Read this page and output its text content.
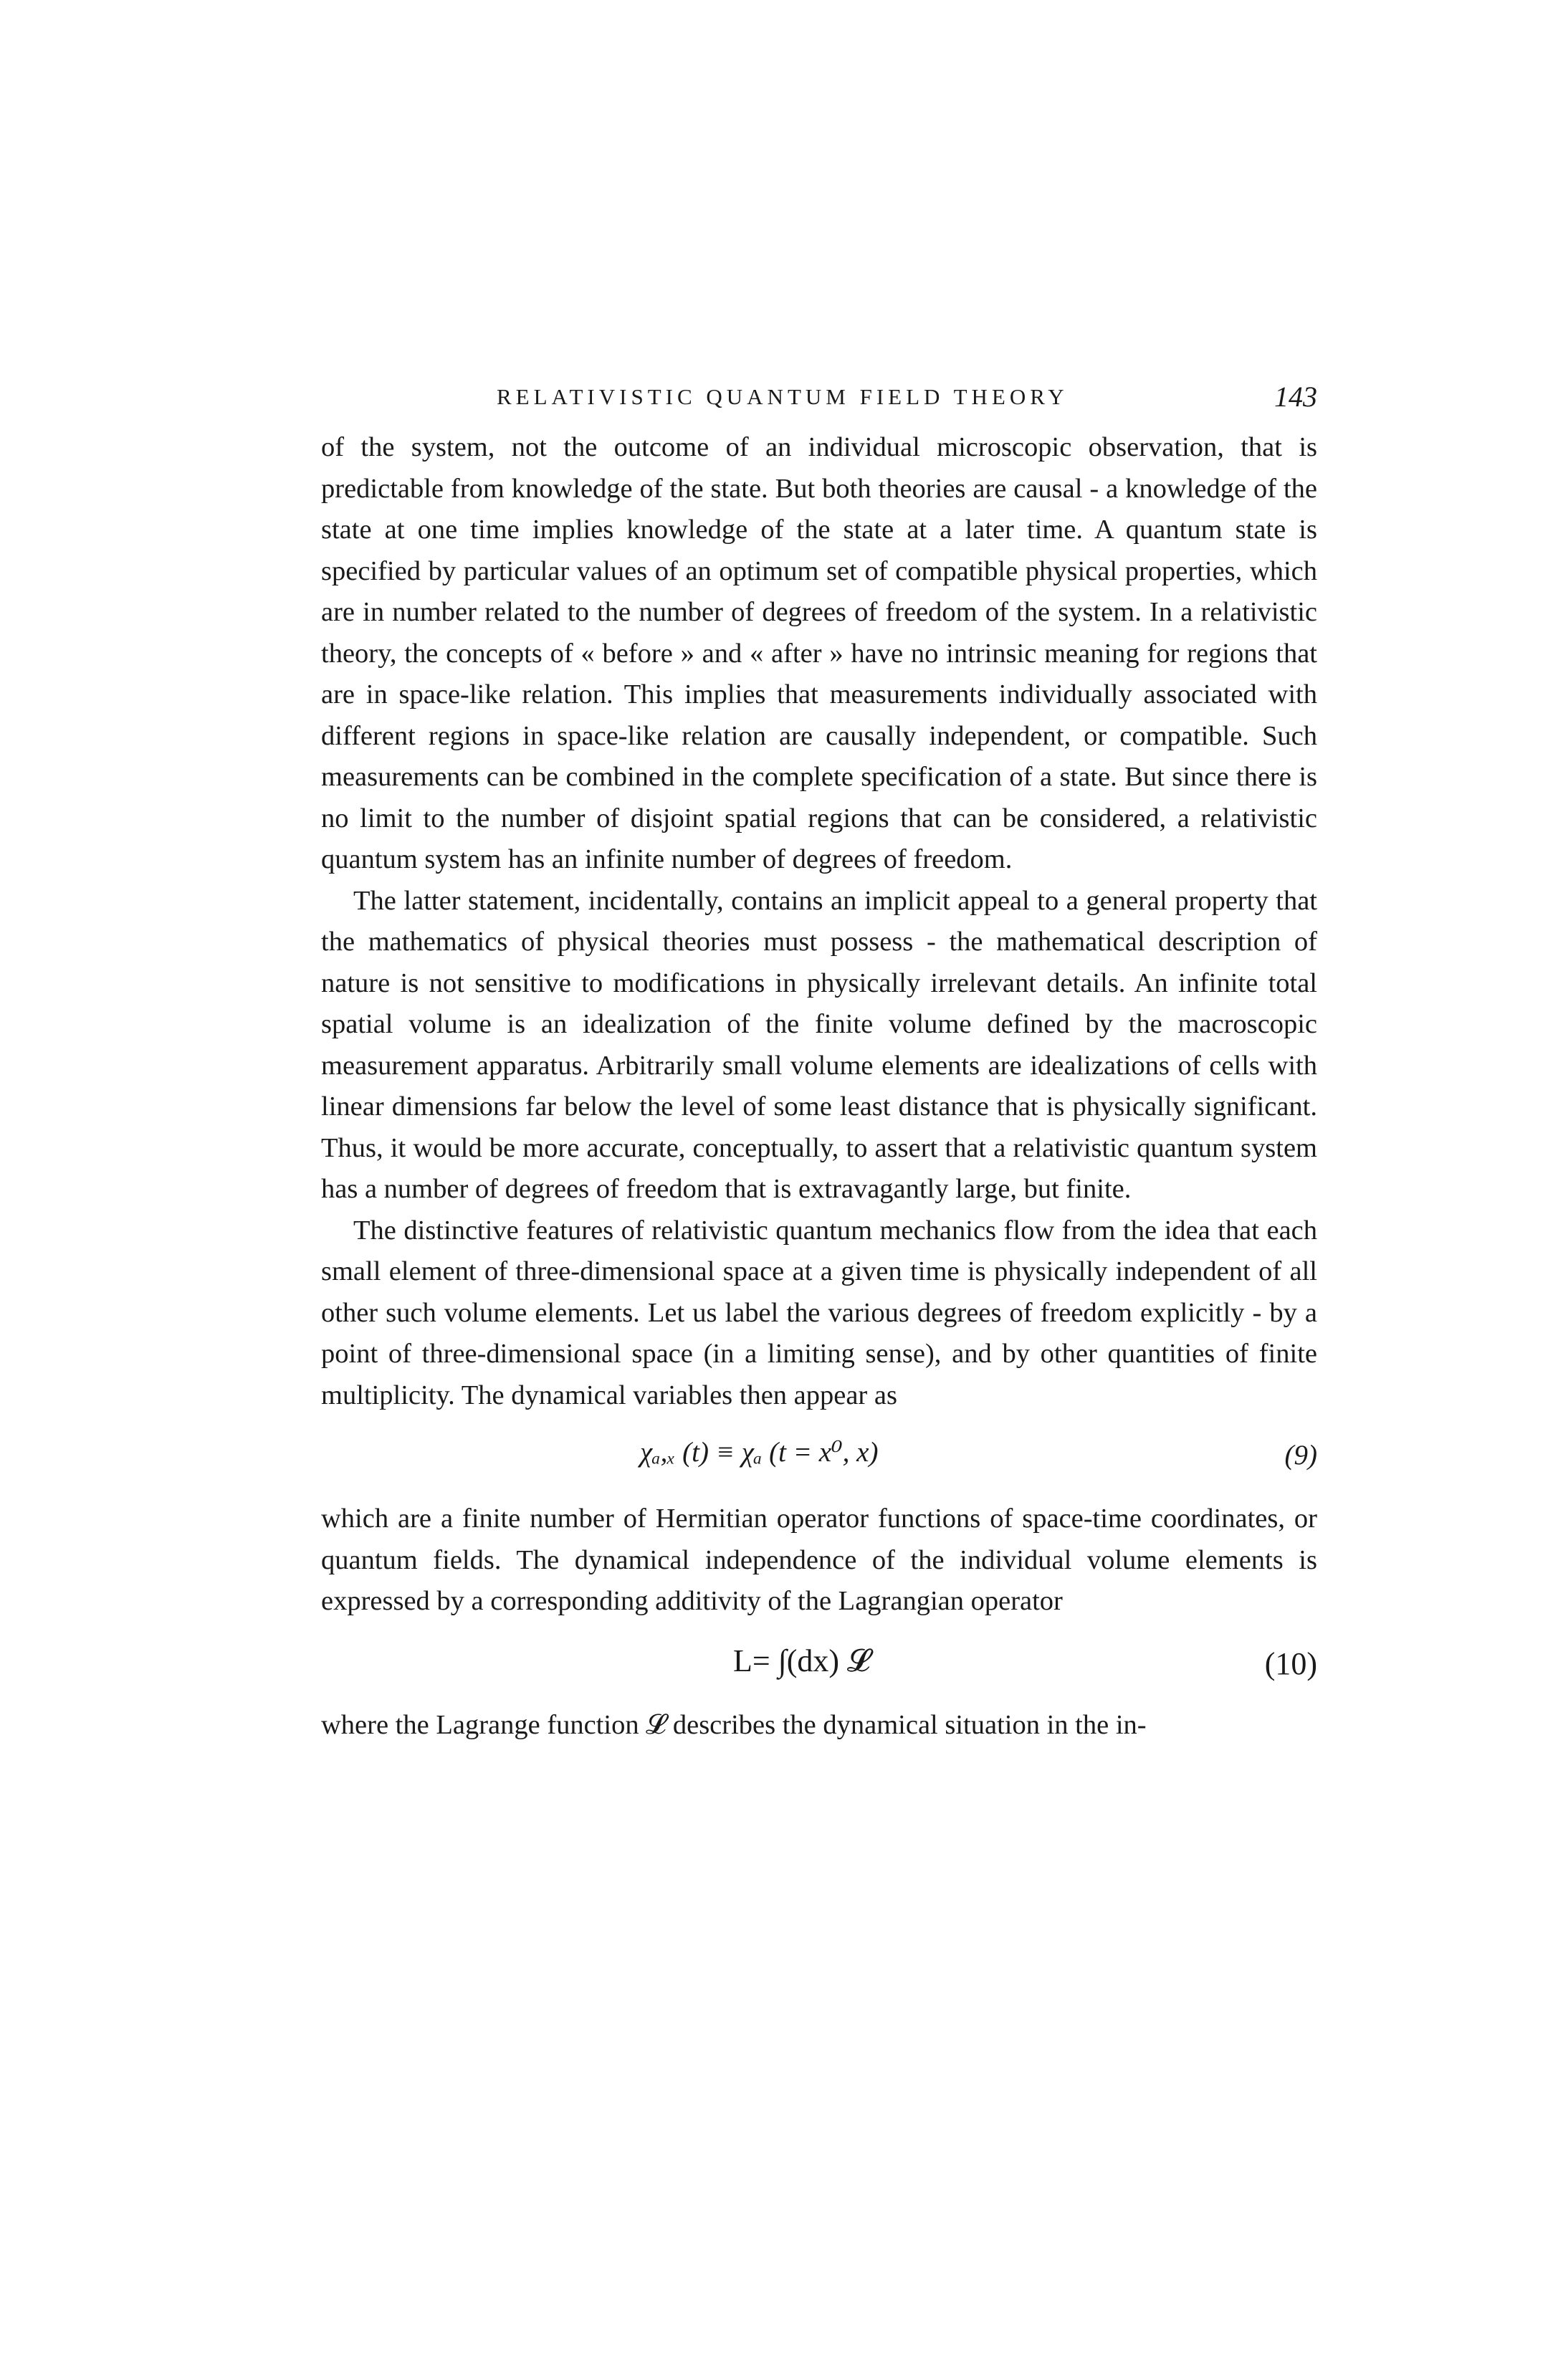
RELATIVISTIC QUANTUM FIELD THEORY	143

of the system, not the outcome of an individual microscopic observation, that is predictable from knowledge of the state. But both theories are causal - a knowledge of the state at one time implies knowledge of the state at a later time. A quantum state is specified by particular values of an optimum set of compatible physical properties, which are in number related to the number of degrees of freedom of the system. In a relativistic theory, the concepts of « before » and « after » have no intrinsic meaning for regions that are in space-like relation. This implies that measurements individually associated with different regions in space-like relation are causally independent, or compatible. Such measurements can be combined in the complete specification of a state. But since there is no limit to the number of disjoint spatial regions that can be considered, a relativistic quantum system has an infinite number of degrees of freedom.

The latter statement, incidentally, contains an implicit appeal to a general property that the mathematics of physical theories must possess - the mathematical description of nature is not sensitive to modifications in physically irrelevant details. An infinite total spatial volume is an idealization of the finite volume defined by the macroscopic measurement apparatus. Arbitrarily small volume elements are idealizations of cells with linear dimensions far below the level of some least distance that is physically significant. Thus, it would be more accurate, conceptually, to assert that a relativistic quantum system has a number of degrees of freedom that is extravagantly large, but finite.

The distinctive features of relativistic quantum mechanics flow from the idea that each small element of three-dimensional space at a given time is physically independent of all other such volume elements. Let us label the various degrees of freedom explicitly - by a point of three-dimensional space (in a limiting sense), and by other quantities of finite multiplicity. The dynamical variables then appear as

χₐ,ₓ (t) ≡ χₐ (t = x⁰, x)	(9)

which are a finite number of Hermitian operator functions of space-time coordinates, or quantum fields. The dynamical independence of the individual volume elements is expressed by a corresponding additivity of the Lagrangian operator

L= ∫(dx) 𝓛	(10)

where the Lagrange function 𝓛 describes the dynamical situation in the in-
